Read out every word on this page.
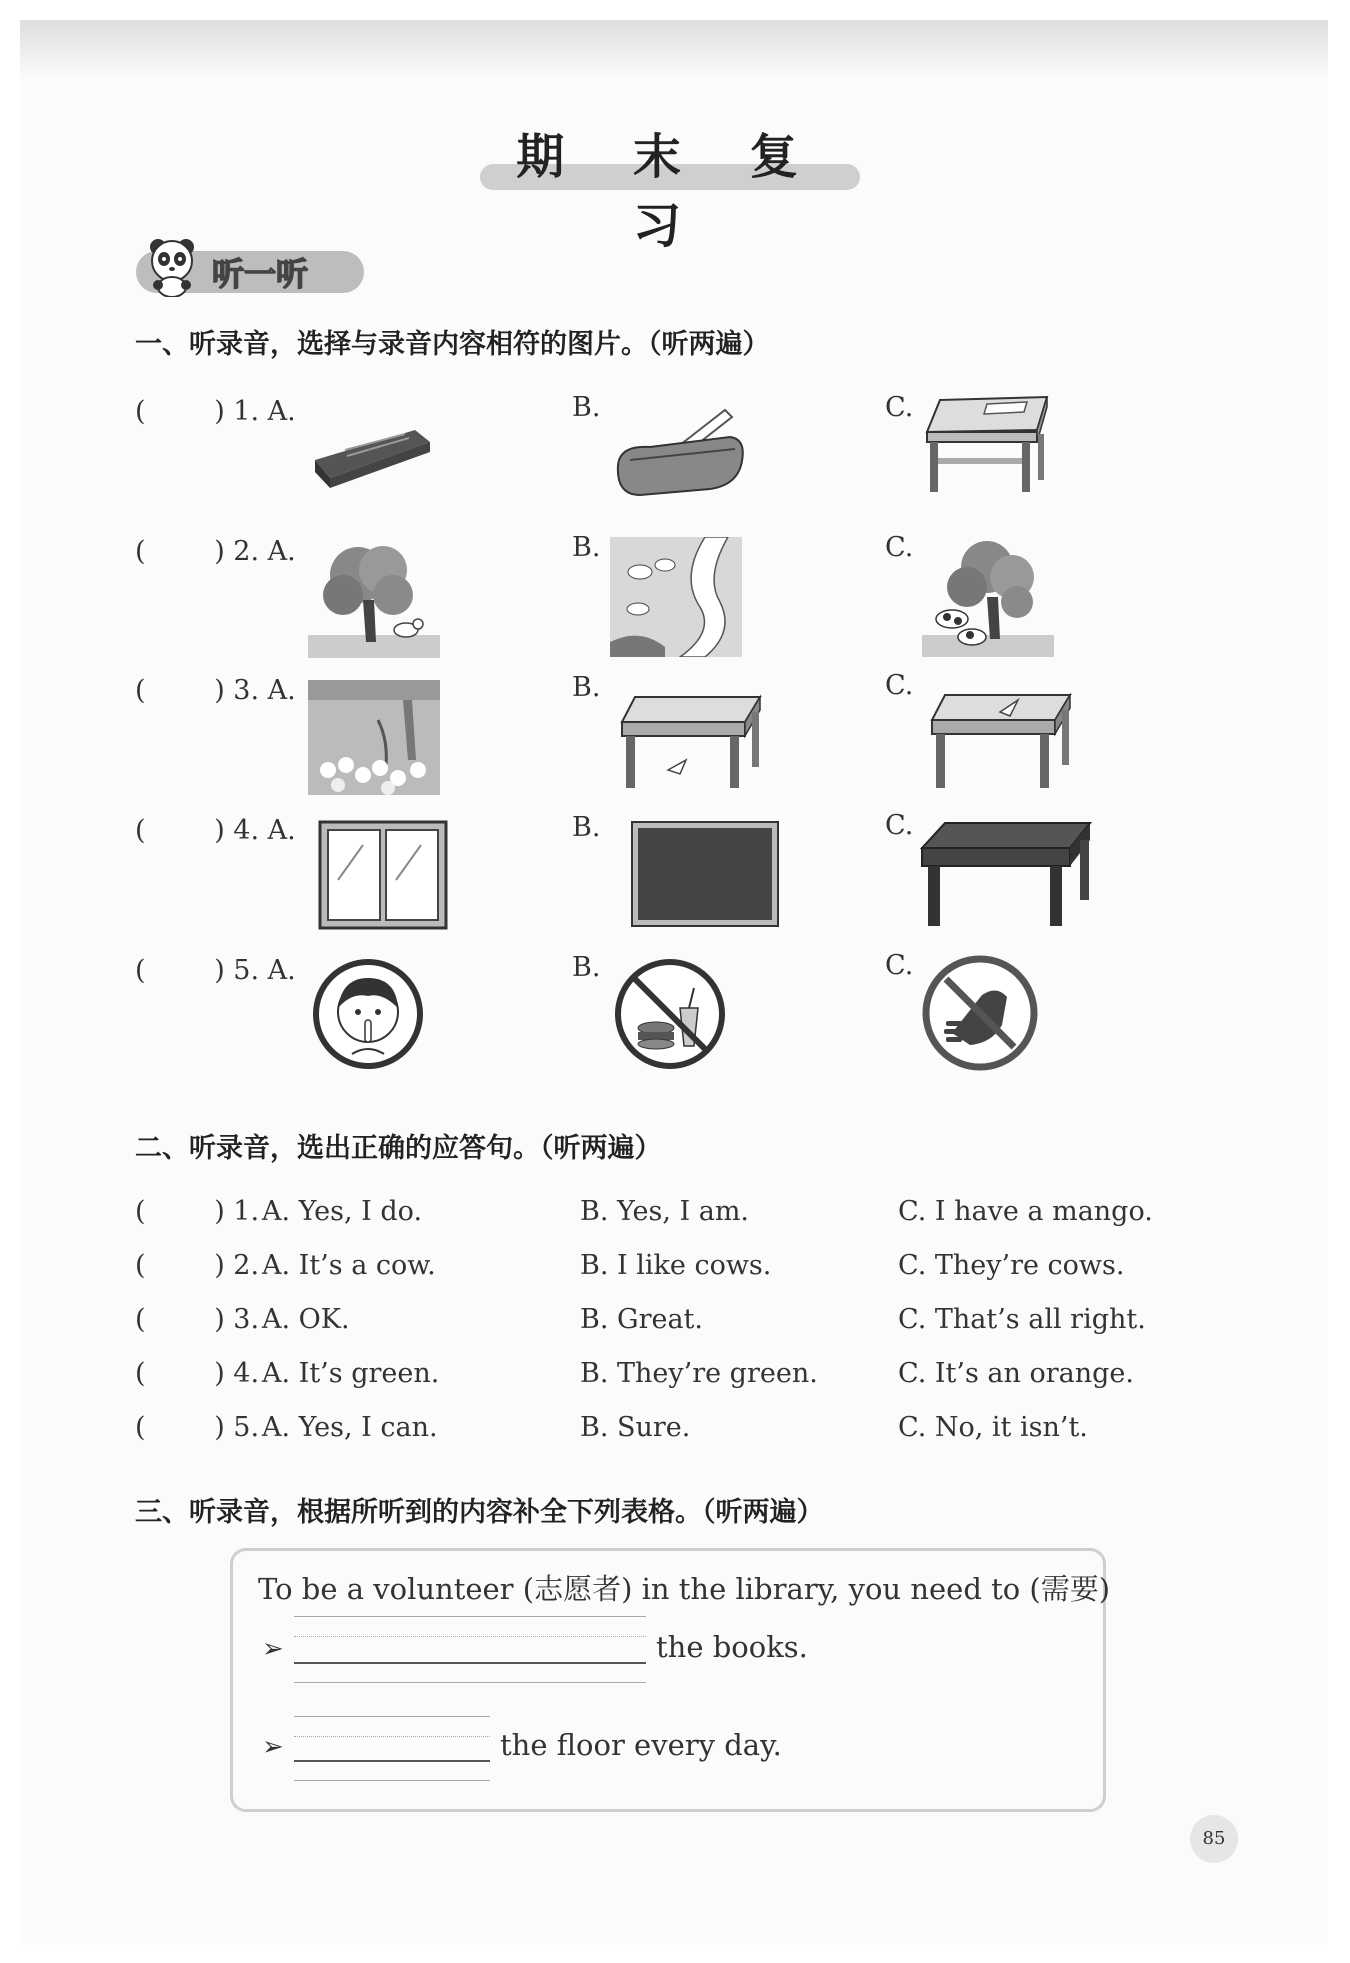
期 末 复 习
听一听
一、听录音，选择与录音内容相符的图片。（听两遍）
(        ) 1. A.	B.	C.
(        ) 2. A.	B.	C.
(        ) 3. A.	B.	C.
(        ) 4. A.	B.	C.
(        ) 5. A.	B.	C.
二、听录音，选出正确的应答句。（听两遍）
(        ) 1. A. Yes, I do.	B. Yes, I am.	C. I have a mango.
(        ) 2. A. It’s a cow.	B. I like cows.	C. They’re cows.
(        ) 3. A. OK.	B. Great.	C. That’s all right.
(        ) 4. A. It’s green.	B. They’re green.	C. It’s an orange.
(        ) 5. A. Yes, I can.	B. Sure.	C. No, it isn’t.
三、听录音，根据所听到的内容补全下列表格。（听两遍）
To be a volunteer (志愿者) in the library, you need to (需要)
➢	the books.
➢	the floor every day.
85
